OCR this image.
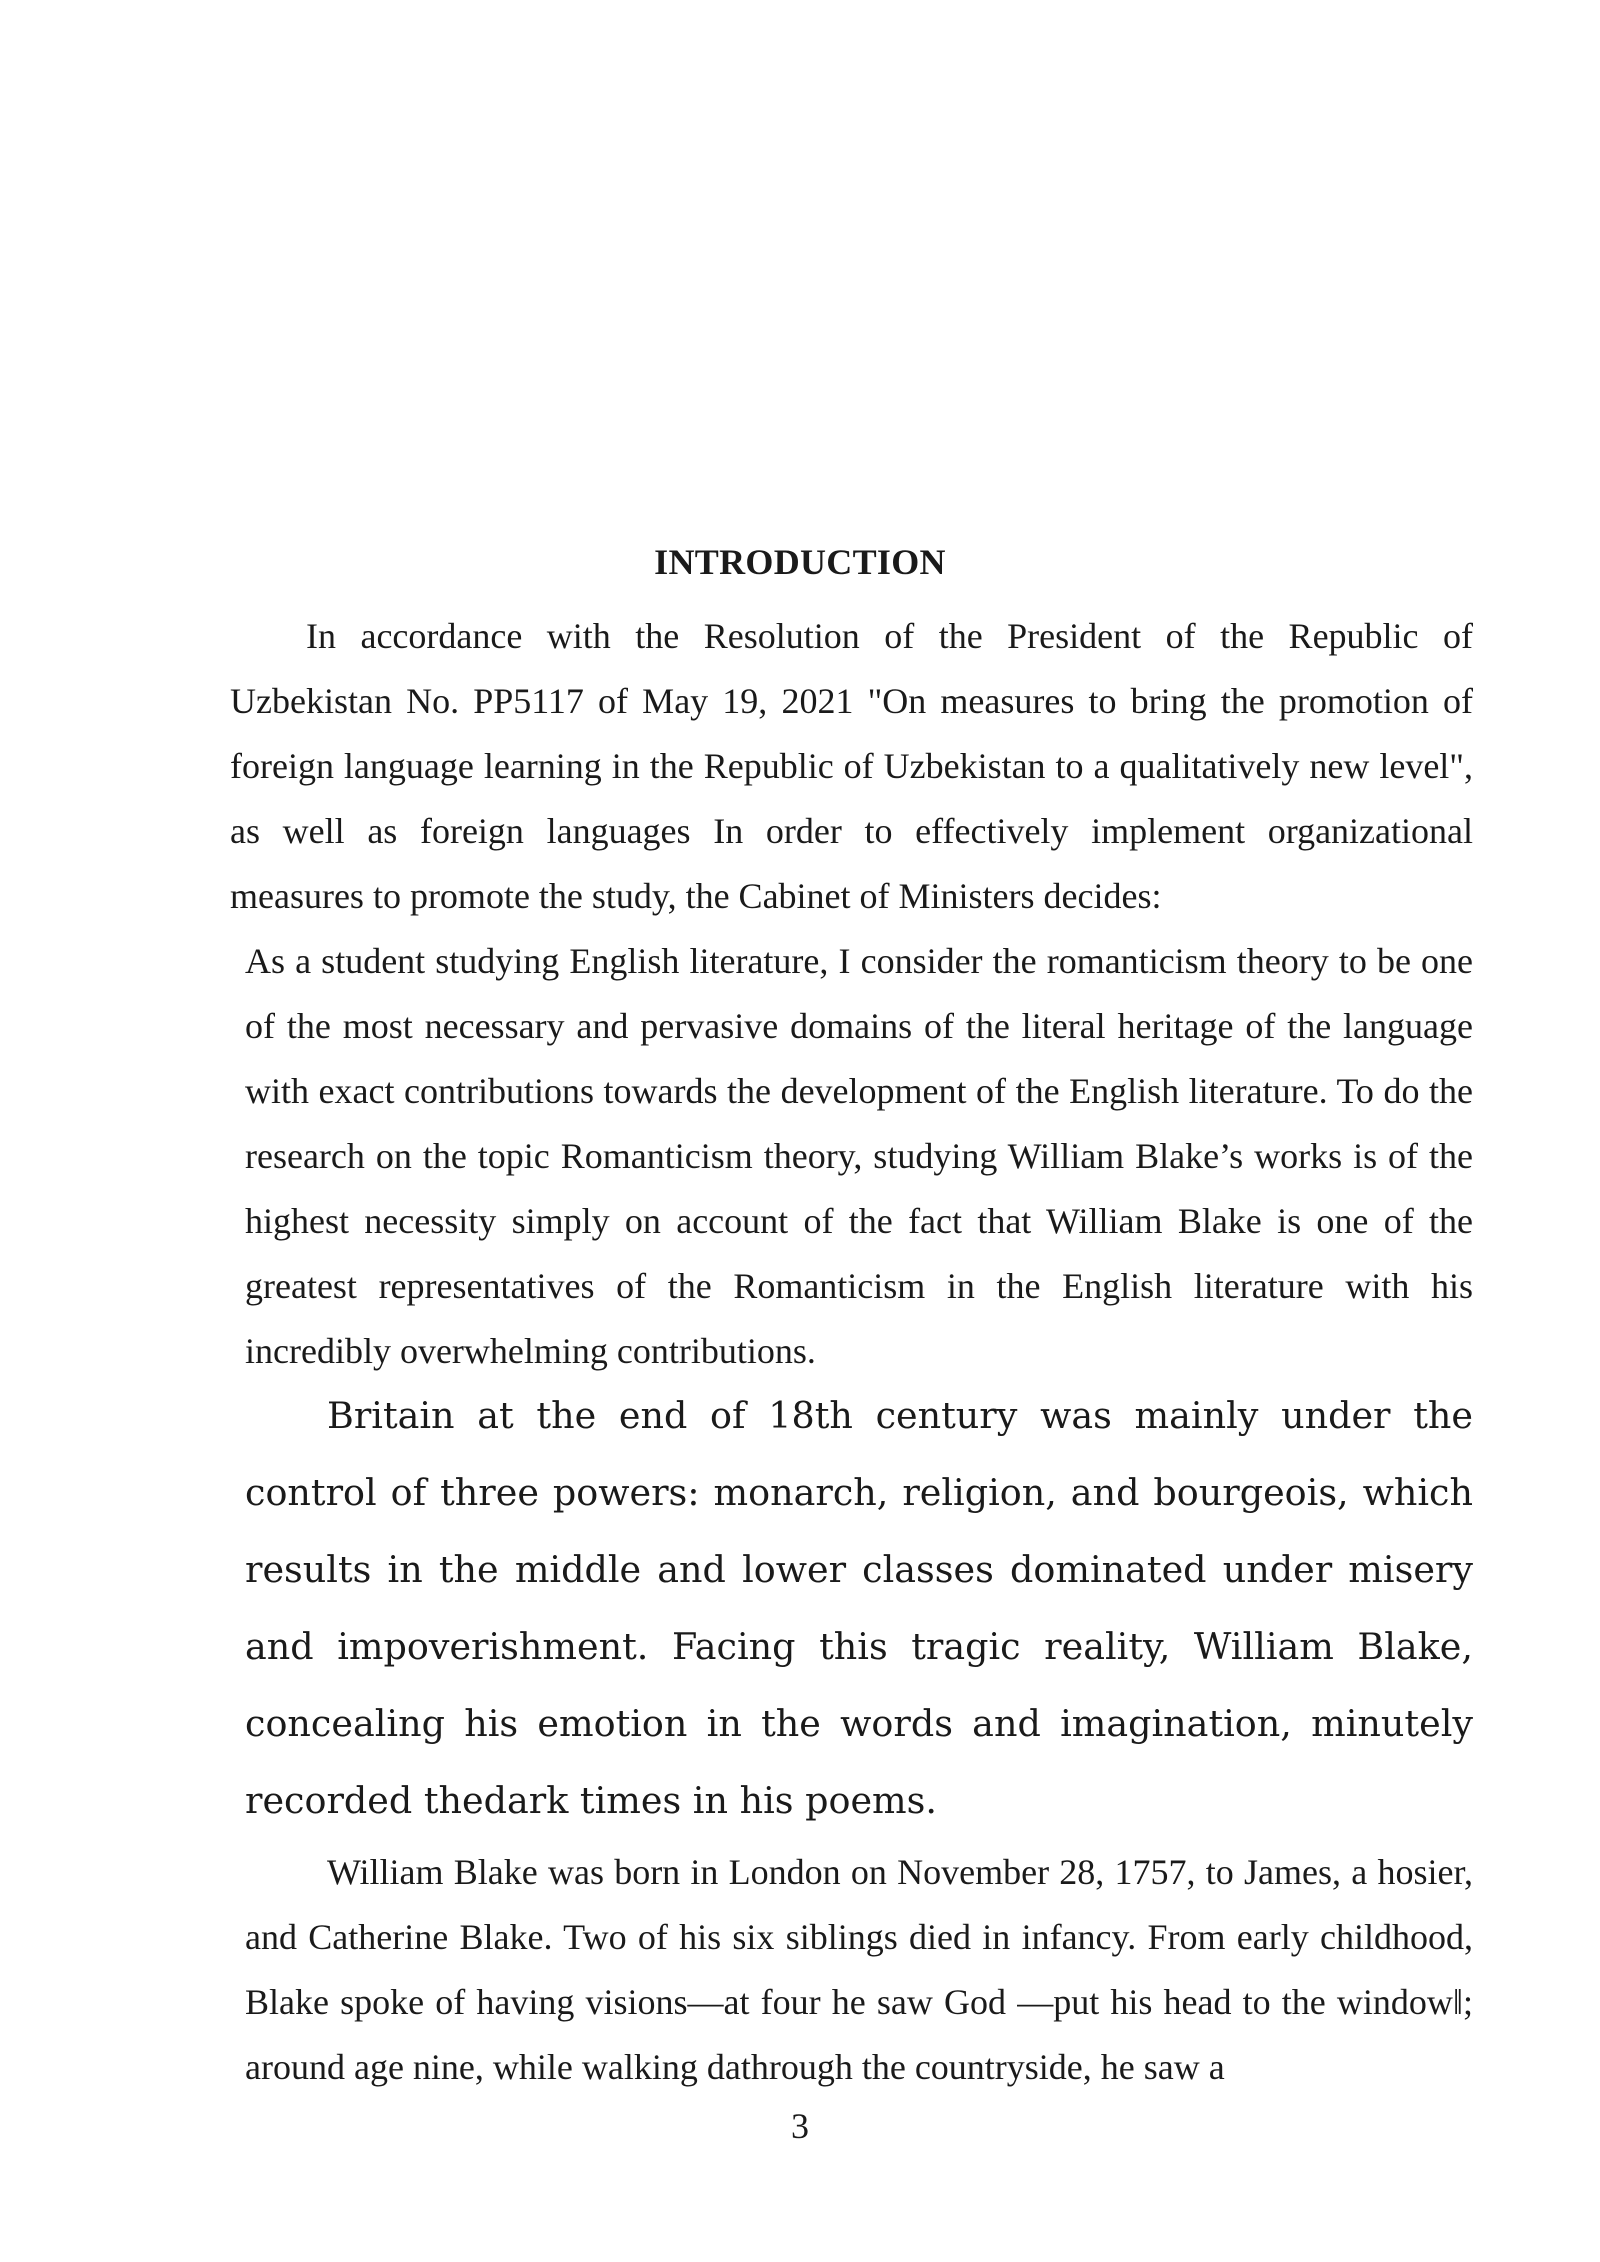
INTRODUCTION

In accordance with the Resolution of the President of the Republic of Uzbekistan No. PP5117 of May 19, 2021 "On measures to bring the promotion of foreign language learning in the Republic of Uzbekistan to a qualitatively new level", as well as foreign languages In order to effectively implement organizational measures to promote the study, the Cabinet of Ministers decides:

As a student studying English literature, I consider the romanticism theory to be one of the most necessary and pervasive domains of the literal heritage of the language with exact contributions towards the development of the English literature. To do the research on the topic Romanticism theory, studying William Blake’s works is of the highest necessity simply on account of the fact that William Blake is one of the greatest representatives of the Romanticism in the English literature with his incredibly overwhelming contributions.

Britain at the end of 18th century was mainly under the control of three powers: monarch, religion, and bourgeois, which results in the middle and lower classes dominated under misery and impoverishment. Facing this tragic reality, William Blake, concealing his emotion in the words and imagination, minutely recorded thedark times in his poems.

William Blake was born in London on November 28, 1757, to James, a hosier, and Catherine Blake. Two of his six siblings died in infancy. From early childhood, Blake spoke of having visions—at four he saw God —put his head to the window‖; around age nine, while walking dathrough the countryside, he saw a

3
